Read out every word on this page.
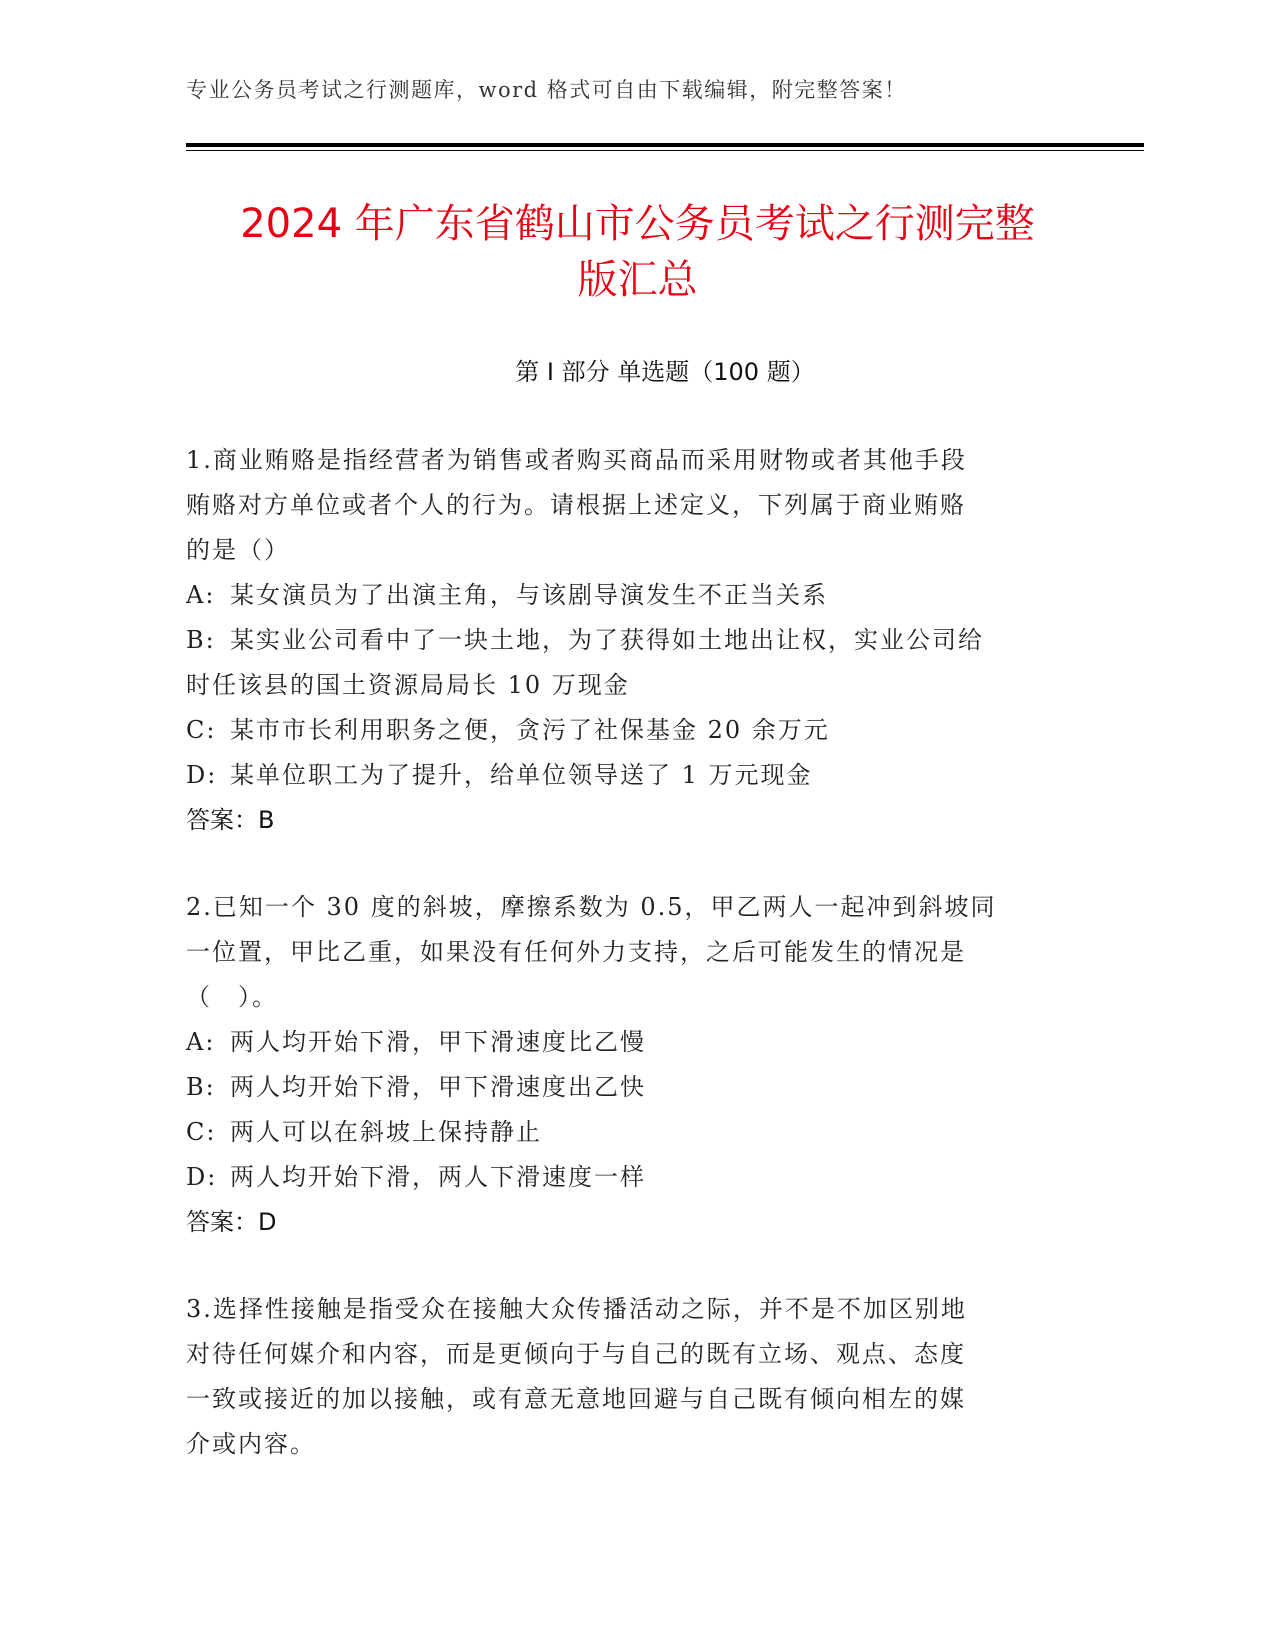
专业公务员考试之行测题库，word 格式可自由下载编辑，附完整答案！
2024 年广东省鹤山市公务员考试之行测完整
版汇总
第 I 部分 单选题（100 题）
1.商业贿赂是指经营者为销售或者购买商品而采用财物或者其他手段
贿赂对方单位或者个人的行为。请根据上述定义，下列属于商业贿赂
的是（）
A: 某女演员为了出演主角，与该剧导演发生不正当关系
B: 某实业公司看中了一块土地，为了获得如土地出让权，实业公司给
时任该县的国土资源局局长 10 万现金
C: 某市市长利用职务之便，贪污了社保基金 20 余万元
D: 某单位职工为了提升，给单位领导送了 1 万元现金
答案：B
2.已知一个 30 度的斜坡，摩擦系数为 0.5，甲乙两人一起冲到斜坡同
一位置，甲比乙重，如果没有任何外力支持，之后可能发生的情况是
（　）。
A: 两人均开始下滑，甲下滑速度比乙慢
B: 两人均开始下滑，甲下滑速度出乙快
C: 两人可以在斜坡上保持静止
D: 两人均开始下滑，两人下滑速度一样
答案：D
3.选择性接触是指受众在接触大众传播活动之际，并不是不加区别地
对待任何媒介和内容，而是更倾向于与自己的既有立场、观点、态度
一致或接近的加以接触，或有意无意地回避与自己既有倾向相左的媒
介或内容。
